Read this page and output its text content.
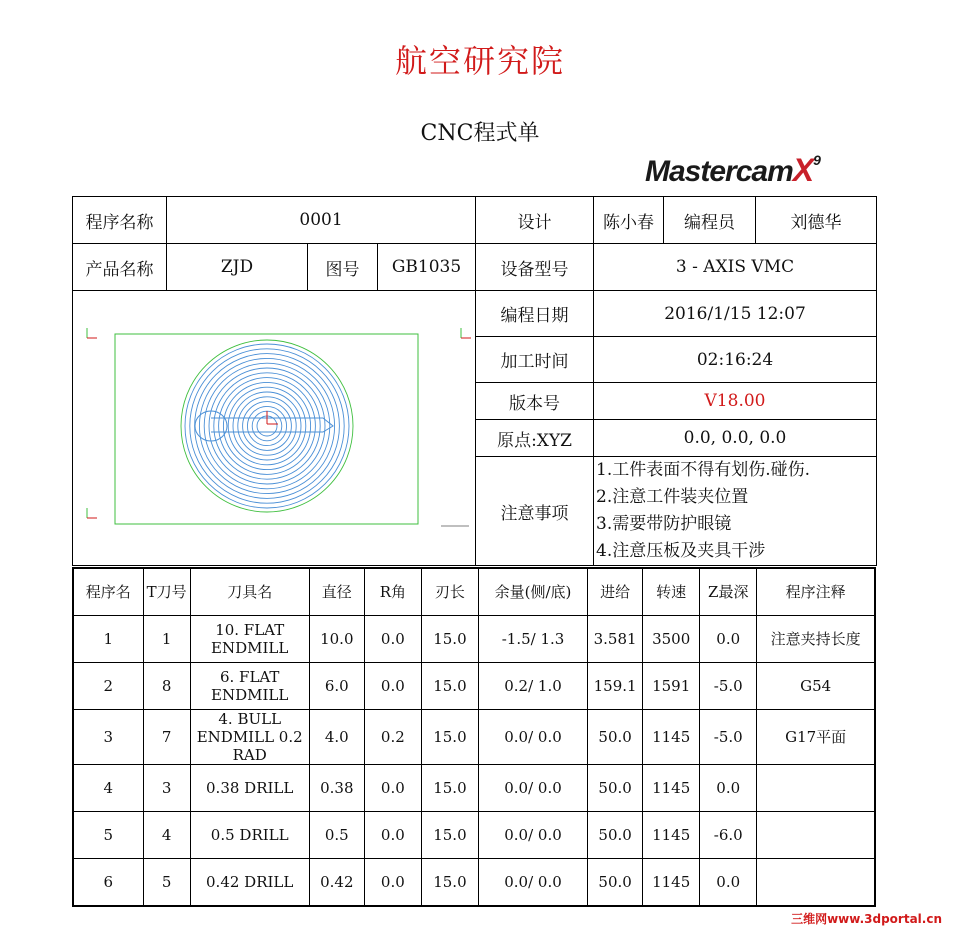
航空研究院
CNC程式单
MastercamX$^9$
程序名称	0001			设计	陈小春	编程员	刘德华
产品名称	ZJD	图号	GB1035	设备型号	3 - AXIS VMC		

	编程日期	2016/1/15 12:07		
				加工时间	02:16:24		
				版本号	V18.00		
				原点:XYZ	0.0, 0.0, 0.0		
				注意事项	1.工件表面不得有划伤.碰伤.
2.注意工件装夹位置
3.需要带防护眼镜
4.注意压板及夹具干涉		
程序名	T刀号	刀具名	直径	R角	刃长	余量(侧/底)	进给	转速	Z最深	程序注释
1	1	10. FLAT ENDMILL	10.0	0.0	15.0	-1.5/ 1.3	3.581	3500	0.0	注意夹持长度
2	8	6. FLAT ENDMILL	6.0	0.0	15.0	0.2/ 1.0	159.1	1591	-5.0	G54
3	7	4. BULL ENDMILL 0.2 RAD	4.0	0.2	15.0	0.0/ 0.0	50.0	1145	-5.0	G17平面
4	3	0.38 DRILL	0.38	0.0	15.0	0.0/ 0.0	50.0	1145	0.0	
5	4	0.5 DRILL	0.5	0.0	15.0	0.0/ 0.0	50.0	1145	-6.0	
6	5	0.42 DRILL	0.42	0.0	15.0	0.0/ 0.0	50.0	1145	0.0	
三维网www.3dportal.cn
